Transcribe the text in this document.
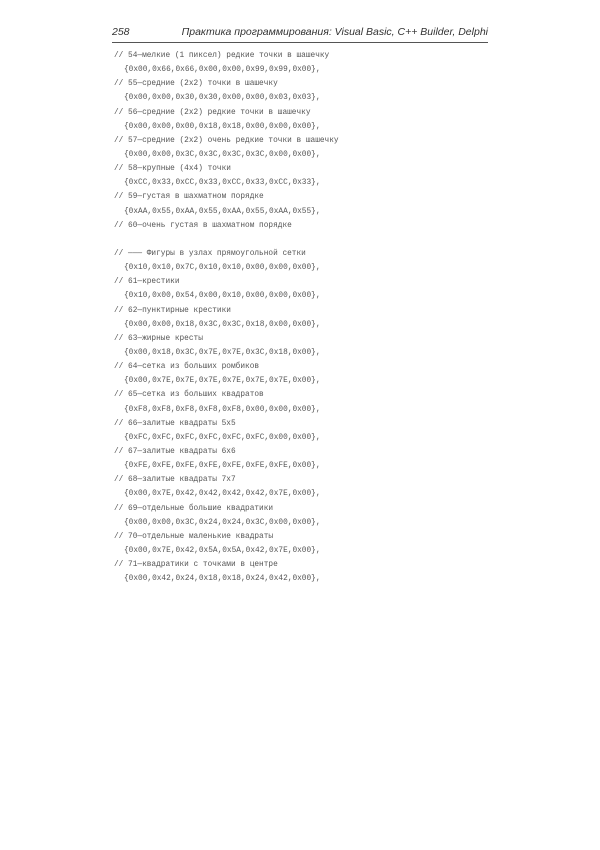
258	Практика программирования: Visual Basic, C++ Builder, Delphi
// 54—мелкие (1 пиксел) редкие точки в шашечку
{0x00,0x66,0x66,0x00,0x00,0x99,0x99,0x00},
// 55—средние (2x2) точки в шашечку
{0x00,0x00,0x30,0x30,0x00,0x00,0x03,0x03},
// 56—средние (2x2) редкие точки в шашечку
{0x00,0x00,0x00,0x18,0x18,0x00,0x00,0x00},
// 57—средние (2x2) очень редкие точки в шашечку
{0x00,0x00,0x3C,0x3C,0x3C,0x3C,0x00,0x00},
// 58—крупные (4x4) точки
{0xCC,0x33,0xCC,0x33,0xCC,0x33,0xCC,0x33},
// 59—густая в шахматном порядке
{0xAA,0x55,0xAA,0x55,0xAA,0x55,0xAA,0x55},
// 60—очень густая в шахматном порядке
// ——— Фигуры в узлах прямоугольной сетки
{0x10,0x10,0x7C,0x10,0x10,0x00,0x00,0x00},
// 61—крестики
{0x10,0x00,0x54,0x00,0x10,0x00,0x00,0x00},
// 62—пунктирные крестики
{0x00,0x00,0x18,0x3C,0x3C,0x18,0x00,0x00},
// 63—жирные кресты
{0x00,0x18,0x3C,0x7E,0x7E,0x3C,0x18,0x00},
// 64—сетка из больших ромбиков
{0x00,0x7E,0x7E,0x7E,0x7E,0x7E,0x7E,0x00},
// 65—сетка из больших квадратов
{0xF8,0xF8,0xF8,0xF8,0xF8,0x00,0x00,0x00},
// 66—залитые квадраты 5x5
{0xFC,0xFC,0xFC,0xFC,0xFC,0xFC,0x00,0x00},
// 67—залитые квадраты 6x6
{0xFE,0xFE,0xFE,0xFE,0xFE,0xFE,0xFE,0x00},
// 68—залитые квадраты 7x7
{0x00,0x7E,0x42,0x42,0x42,0x42,0x7E,0x00},
// 69—отдельные большие квадратики
{0x00,0x00,0x3C,0x24,0x24,0x3C,0x00,0x00},
// 70—отдельные маленькие квадраты
{0x00,0x7E,0x42,0x5A,0x5A,0x42,0x7E,0x00},
// 71—квадратики с точками в центре
{0x00,0x42,0x24,0x18,0x18,0x24,0x42,0x00},
